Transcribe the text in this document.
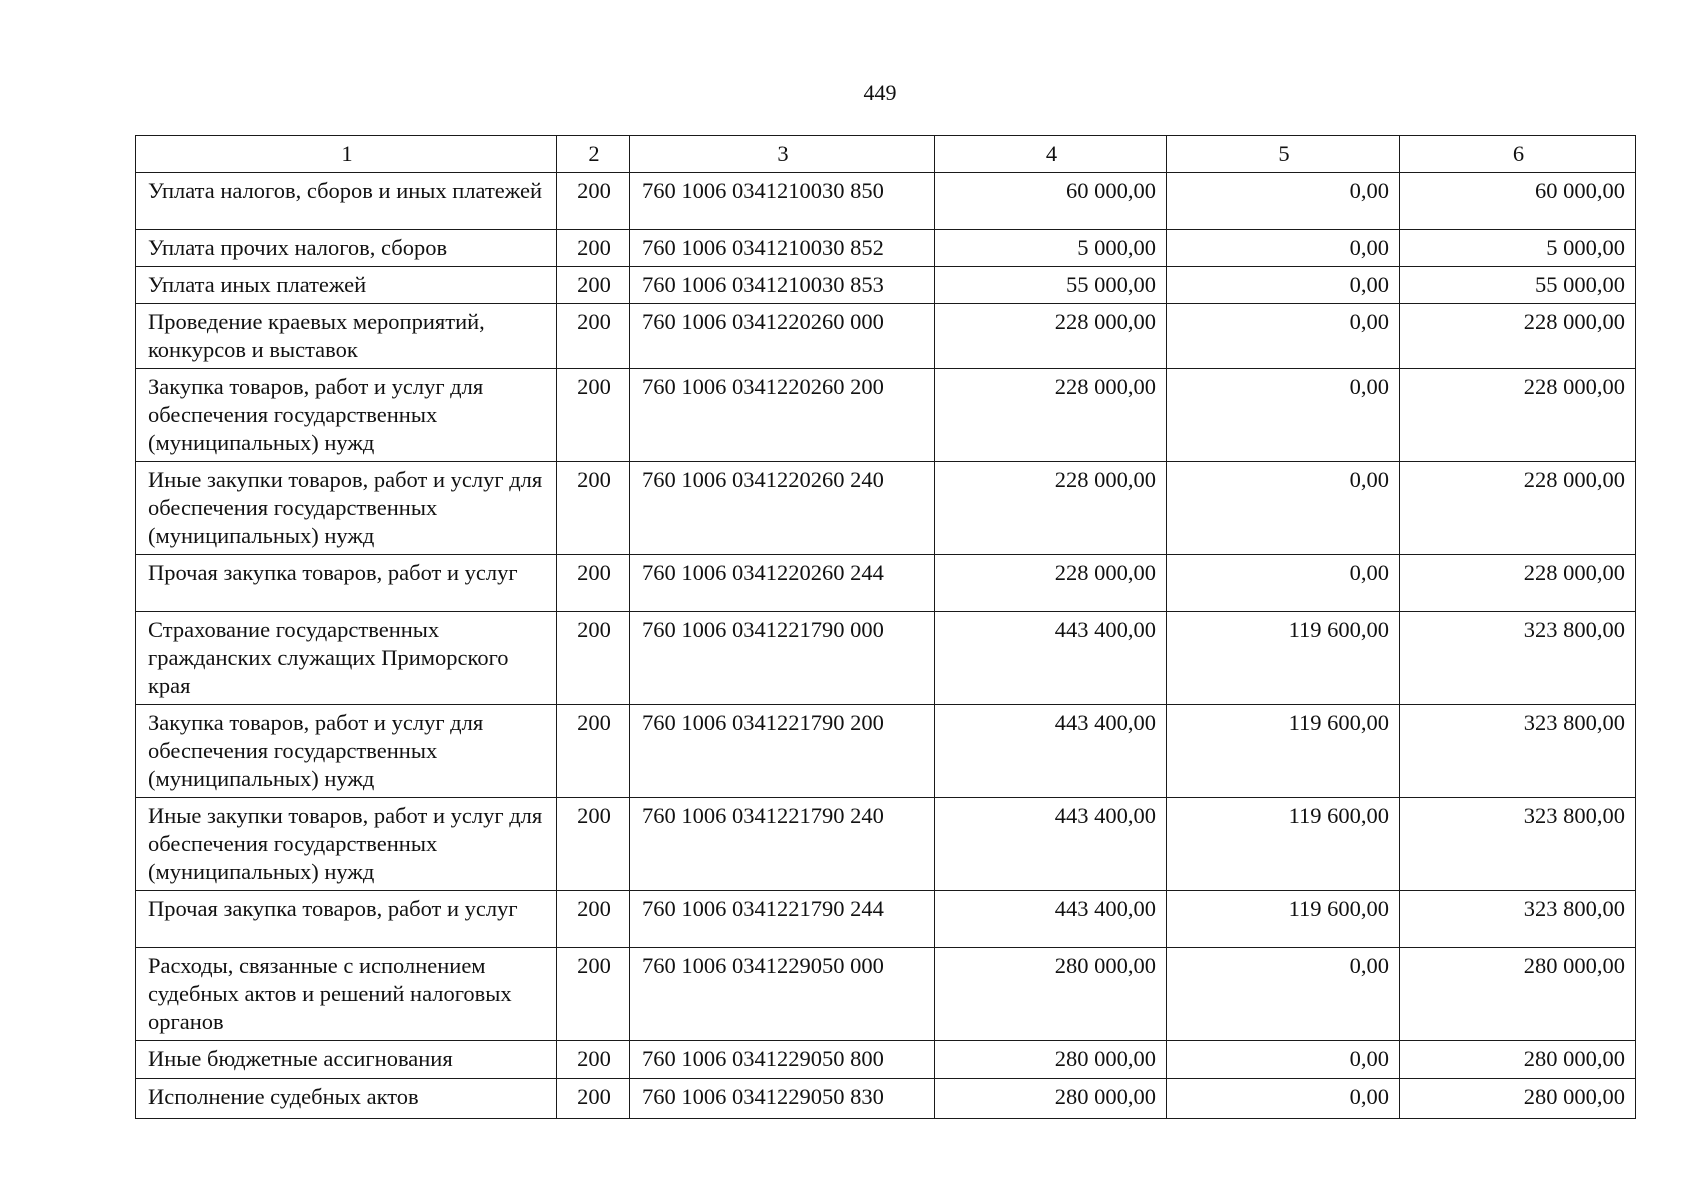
449
1	2	3	4	5	6
Уплата налогов, сборов и иных платежей	200	760 1006 0341210030 850	60 000,00	0,00	60 000,00
Уплата прочих налогов, сборов	200	760 1006 0341210030 852	5 000,00	0,00	5 000,00
Уплата иных платежей	200	760 1006 0341210030 853	55 000,00	0,00	55 000,00
Проведение краевых мероприятий, конкурсов и выставок	200	760 1006 0341220260 000	228 000,00	0,00	228 000,00
Закупка товаров, работ и услуг для обеспечения государственных (муниципальных) нужд	200	760 1006 0341220260 200	228 000,00	0,00	228 000,00
Иные закупки товаров, работ и услуг для обеспечения государственных (муниципальных) нужд	200	760 1006 0341220260 240	228 000,00	0,00	228 000,00
Прочая закупка товаров, работ и услуг	200	760 1006 0341220260 244	228 000,00	0,00	228 000,00
Страхование государственных гражданских служащих Приморского края	200	760 1006 0341221790 000	443 400,00	119 600,00	323 800,00
Закупка товаров, работ и услуг для обеспечения государственных (муниципальных) нужд	200	760 1006 0341221790 200	443 400,00	119 600,00	323 800,00
Иные закупки товаров, работ и услуг для обеспечения государственных (муниципальных) нужд	200	760 1006 0341221790 240	443 400,00	119 600,00	323 800,00
Прочая закупка товаров, работ и услуг	200	760 1006 0341221790 244	443 400,00	119 600,00	323 800,00
Расходы, связанные с исполнением судебных актов и решений налоговых органов	200	760 1006 0341229050 000	280 000,00	0,00	280 000,00
Иные бюджетные ассигнования	200	760 1006 0341229050 800	280 000,00	0,00	280 000,00
Исполнение судебных актов	200	760 1006 0341229050 830	280 000,00	0,00	280 000,00
